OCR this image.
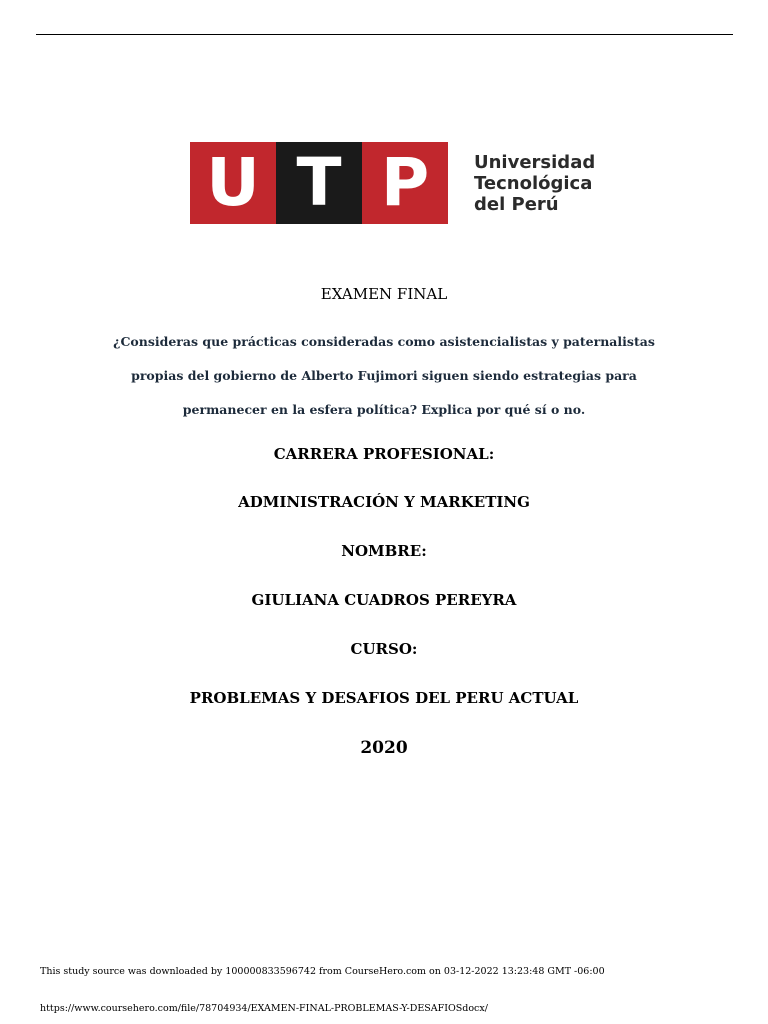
U T P	Universidad
Tecnológica
del Perú
EXAMEN FINAL
¿Consideras que prácticas consideradas como asistencialistas y paternalistas
propias del gobierno de Alberto Fujimori siguen siendo estrategias para
permanecer en la esfera política? Explica por qué sí o no.
CARRERA PROFESIONAL:
ADMINISTRACIÓN Y MARKETING
NOMBRE:
GIULIANA CUADROS PEREYRA
CURSO:
PROBLEMAS Y DESAFIOS DEL PERU ACTUAL
2020
This study source was downloaded by 100000833596742 from CourseHero.com on 03-12-2022 13:23:48 GMT -06:00
https://www.coursehero.com/file/78704934/EXAMEN-FINAL-PROBLEMAS-Y-DESAFIOSdocx/
